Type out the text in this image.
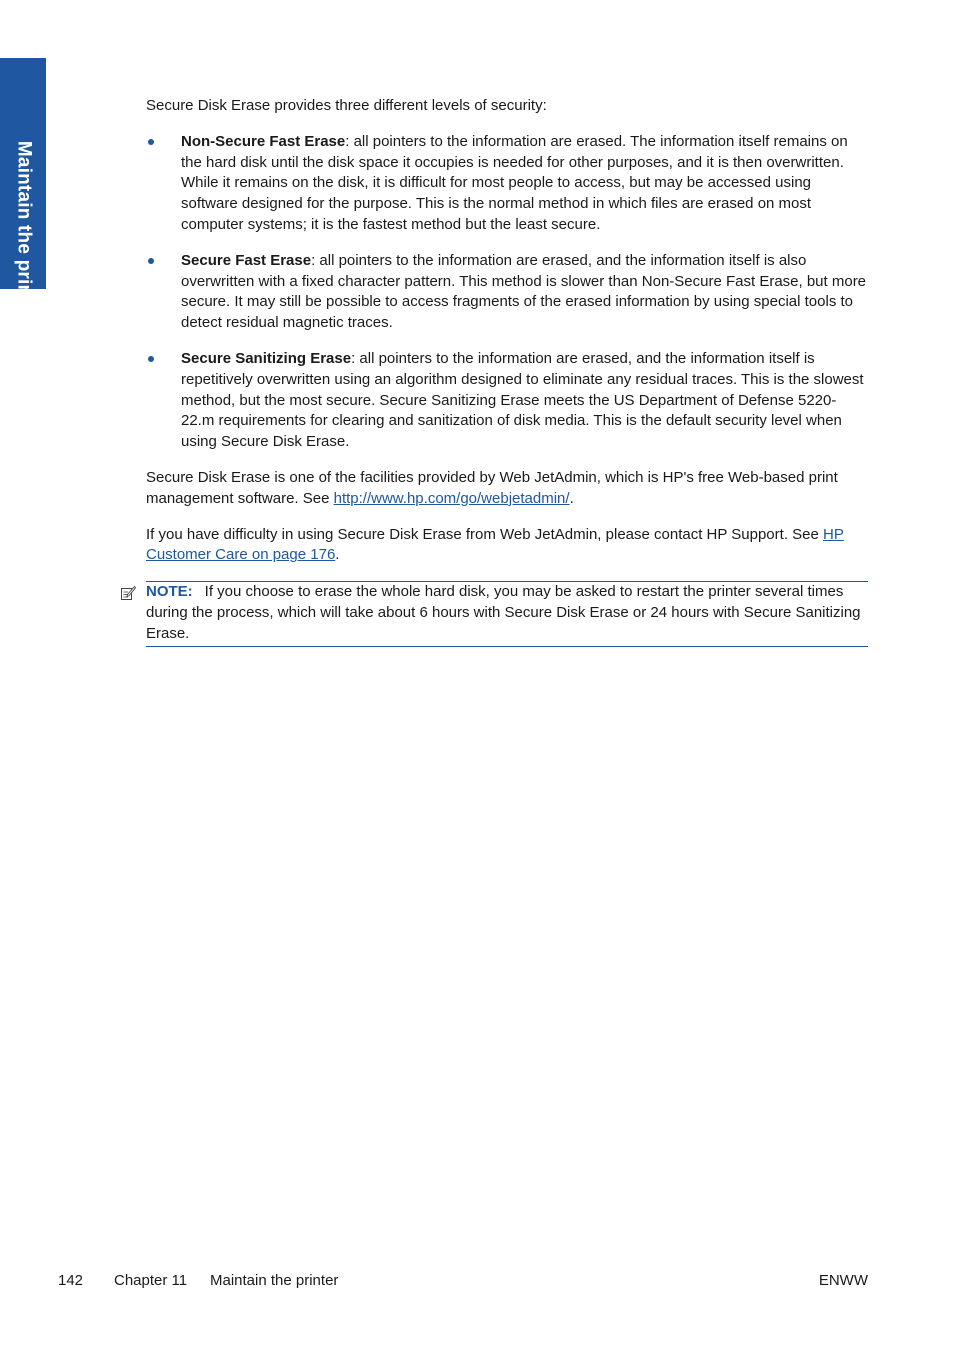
Maintain the printer

Secure Disk Erase provides three different levels of security:

Non-Secure Fast Erase: all pointers to the information are erased. The information itself remains on the hard disk until the disk space it occupies is needed for other purposes, and it is then overwritten. While it remains on the disk, it is difficult for most people to access, but may be accessed using software designed for the purpose. This is the normal method in which files are erased on most computer systems; it is the fastest method but the least secure.
Secure Fast Erase: all pointers to the information are erased, and the information itself is also overwritten with a fixed character pattern. This method is slower than Non-Secure Fast Erase, but more secure. It may still be possible to access fragments of the erased information by using special tools to detect residual magnetic traces.
Secure Sanitizing Erase: all pointers to the information are erased, and the information itself is repetitively overwritten using an algorithm designed to eliminate any residual traces. This is the slowest method, but the most secure. Secure Sanitizing Erase meets the US Department of Defense 5220-22.m requirements for clearing and sanitization of disk media. This is the default security level when using Secure Disk Erase.

Secure Disk Erase is one of the facilities provided by Web JetAdmin, which is HP's free Web-based print management software. See http://www.hp.com/go/webjetadmin/.

If you have difficulty in using Secure Disk Erase from Web JetAdmin, please contact HP Support. See HP Customer Care on page 176.

NOTE: If you choose to erase the whole hard disk, you may be asked to restart the printer several times during the process, which will take about 6 hours with Secure Disk Erase or 24 hours with Secure Sanitizing Erase.
142 Chapter 11 Maintain the printer	ENWW
